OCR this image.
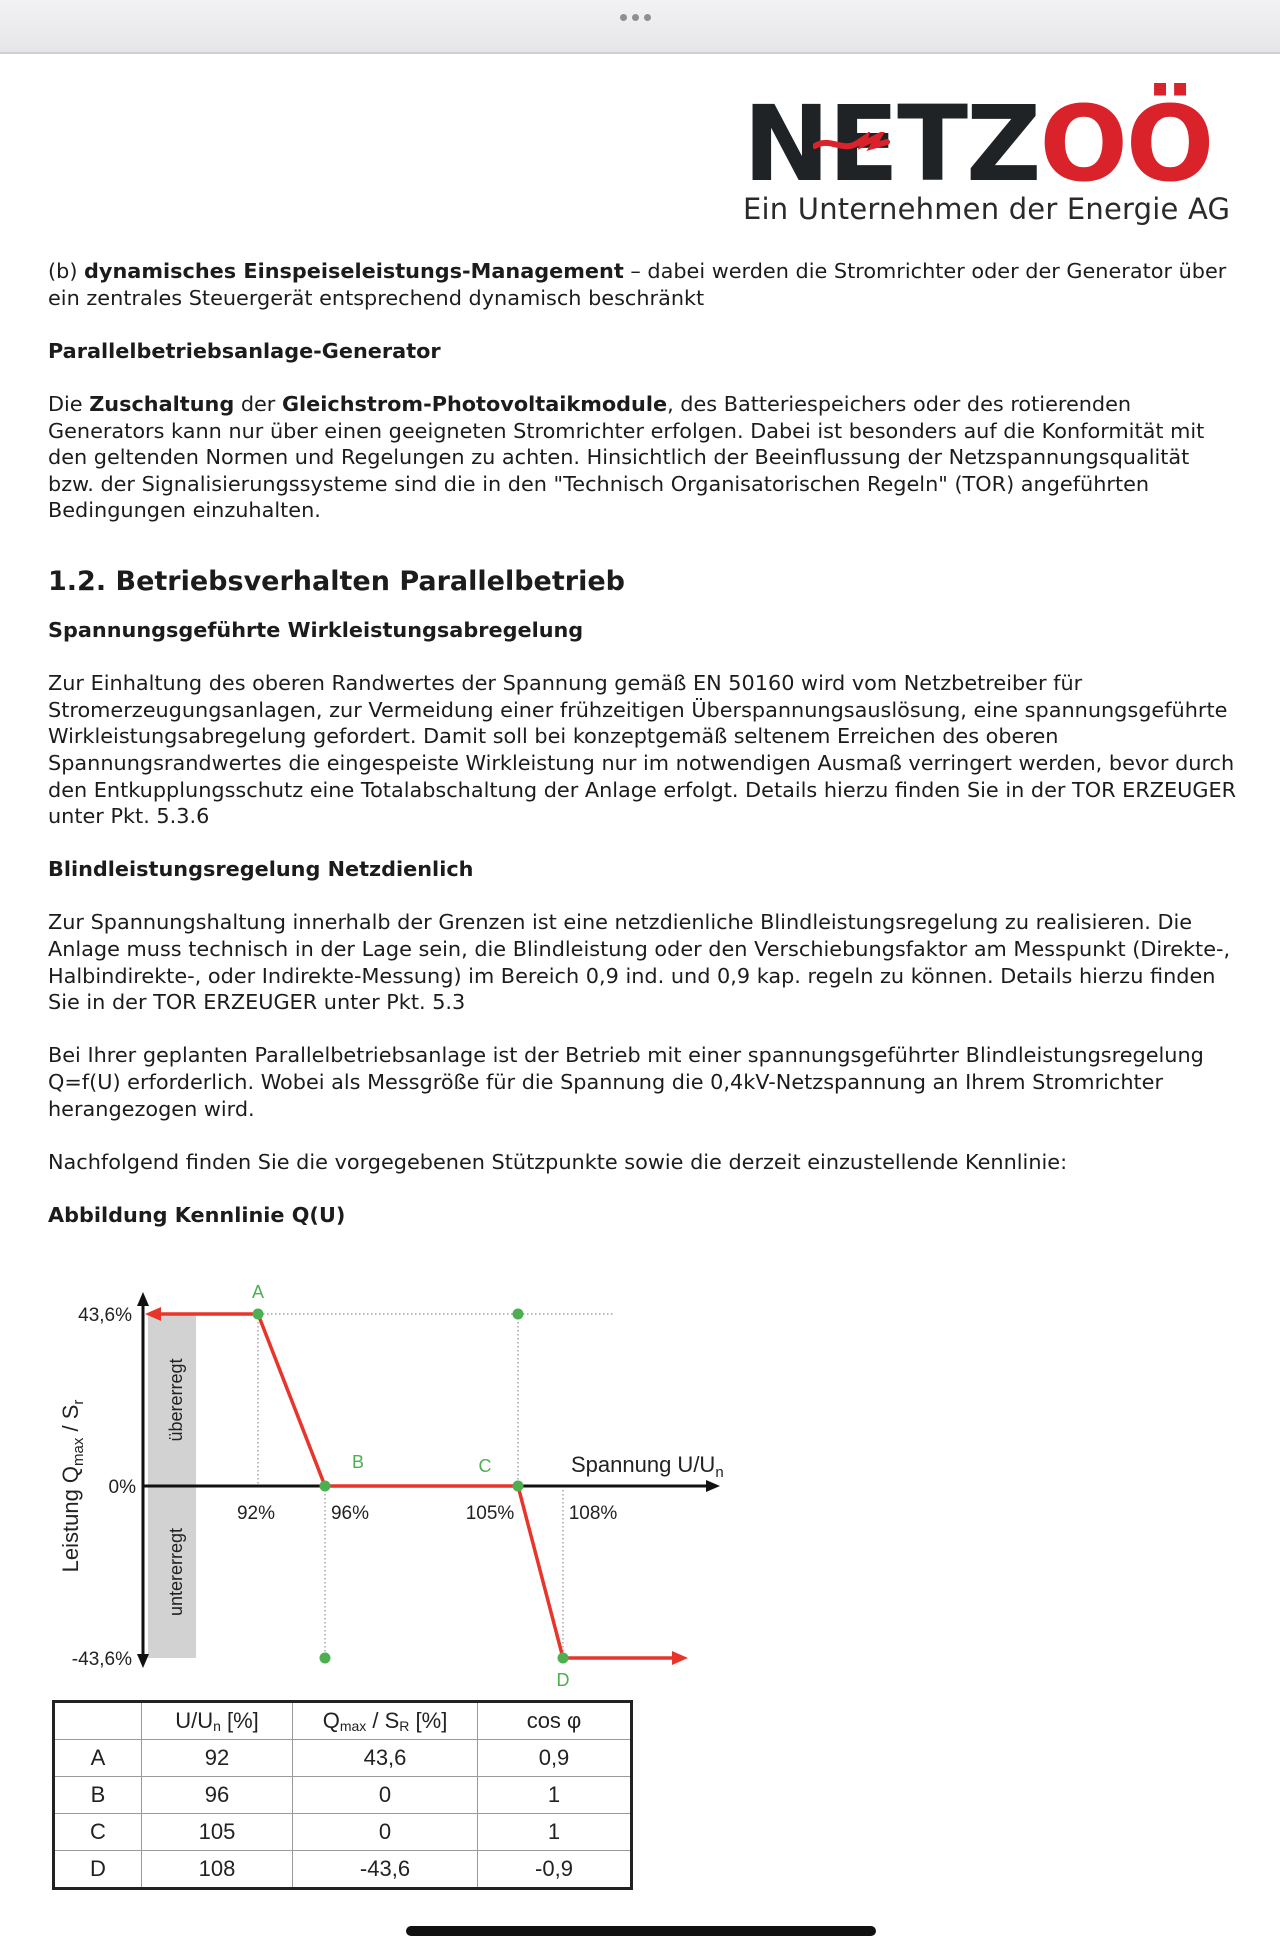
NETZOÖ
Ein Unternehmen der Energie AG

(b) dynamisches Einspeiseleistungs-Management – dabei werden die Stromrichter oder der Generator über ein zentrales Steuergerät entsprechend dynamisch beschränkt

Parallelbetriebsanlage-Generator

Die Zuschaltung der Gleichstrom-Photovoltaikmodule, des Batteriespeichers oder des rotierenden Generators kann nur über einen geeigneten Stromrichter erfolgen. Dabei ist besonders auf die Konformität mit den geltenden Normen und Regelungen zu achten. Hinsichtlich der Beeinflussung der Netzspannungsqualität bzw. der Signalisierungssysteme sind die in den "Technisch Organisatorischen Regeln" (TOR) angeführten Bedingungen einzuhalten.

1.2. Betriebsverhalten Parallelbetrieb
Spannungsgeführte Wirkleistungsabregelung

Zur Einhaltung des oberen Randwertes der Spannung gemäß EN 50160 wird vom Netzbetreiber für Stromerzeugungsanlagen, zur Vermeidung einer frühzeitigen Überspannungsauslösung, eine spannungsgeführte Wirkleistungsabregelung gefordert. Damit soll bei konzeptgemäß seltenem Erreichen des oberen Spannungsrandwertes die eingespeiste Wirkleistung nur im notwendigen Ausmaß verringert werden, bevor durch den Entkupplungsschutz eine Totalabschaltung der Anlage erfolgt. Details hierzu finden Sie in der TOR ERZEUGER unter Pkt. 5.3.6

Blindleistungsregelung Netzdienlich

Zur Spannungshaltung innerhalb der Grenzen ist eine netzdienliche Blindleistungsregelung zu realisieren. Die Anlage muss technisch in der Lage sein, die Blindleistung oder den Verschiebungsfaktor am Messpunkt (Direkte-, Halbindirekte-, oder Indirekte-Messung) im Bereich 0,9 ind. und 0,9 kap. regeln zu können. Details hierzu finden Sie in der TOR ERZEUGER unter Pkt. 5.3

Bei Ihrer geplanten Parallelbetriebsanlage ist der Betrieb mit einer spannungsgeführter Blindleistungsregelung Q=f(U) erforderlich. Wobei als Messgröße für die Spannung die 0,4kV-Netzspannung an Ihrem Stromrichter herangezogen wird.

Nachfolgend finden Sie die vorgegebenen Stützpunkte sowie die derzeit einzustellende Kennlinie:

Abbildung Kennlinie Q(U)
übererregt
untererregt
A
B	C
D
92%	96%	105%	108%
43,6%
0%
-43,6%
Spannung $U/U_n$
Leistung $Q_{max} / S_r$
	$U/U_n$ [%]	$Q_{max} / S_R$ [%]	cos φ
A	92	43,6	0,9
B	96	0	1
C	105	0	1
D	108	-43,6	-0,9
